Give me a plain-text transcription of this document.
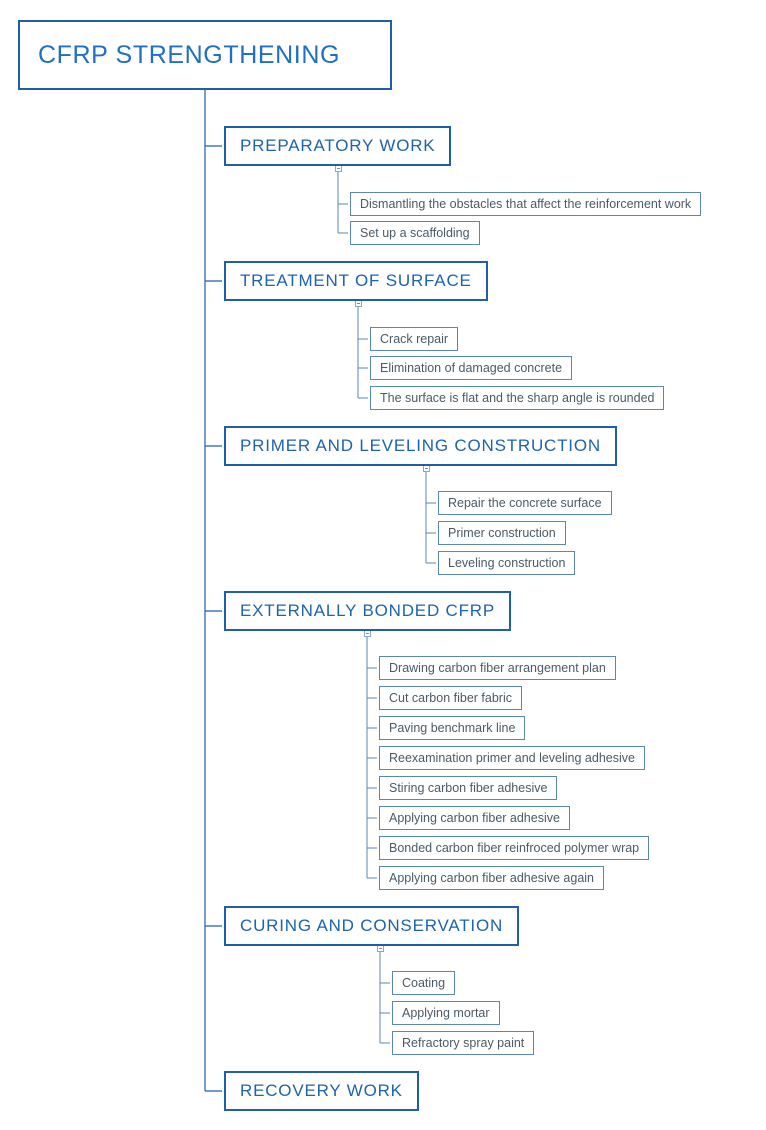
CFRP STRENGTHENING
PREPARATORY WORK
Dismantling the obstacles that affect the reinforcement work
Set up a scaffolding
TREATMENT OF SURFACE
Crack repair
Elimination of damaged concrete
The surface is flat and the sharp angle is rounded
PRIMER AND LEVELING CONSTRUCTION
Repair the concrete surface
Primer construction
Leveling construction
EXTERNALLY BONDED CFRP
Drawing carbon fiber arrangement plan
Cut carbon fiber fabric
Paving benchmark line
Reexamination primer and leveling adhesive
Stiring carbon fiber adhesive
Applying carbon fiber adhesive
Bonded carbon fiber reinfroced polymer wrap
Applying carbon fiber adhesive again
CURING AND CONSERVATION
Coating
Applying mortar
Refractory spray paint
RECOVERY WORK
